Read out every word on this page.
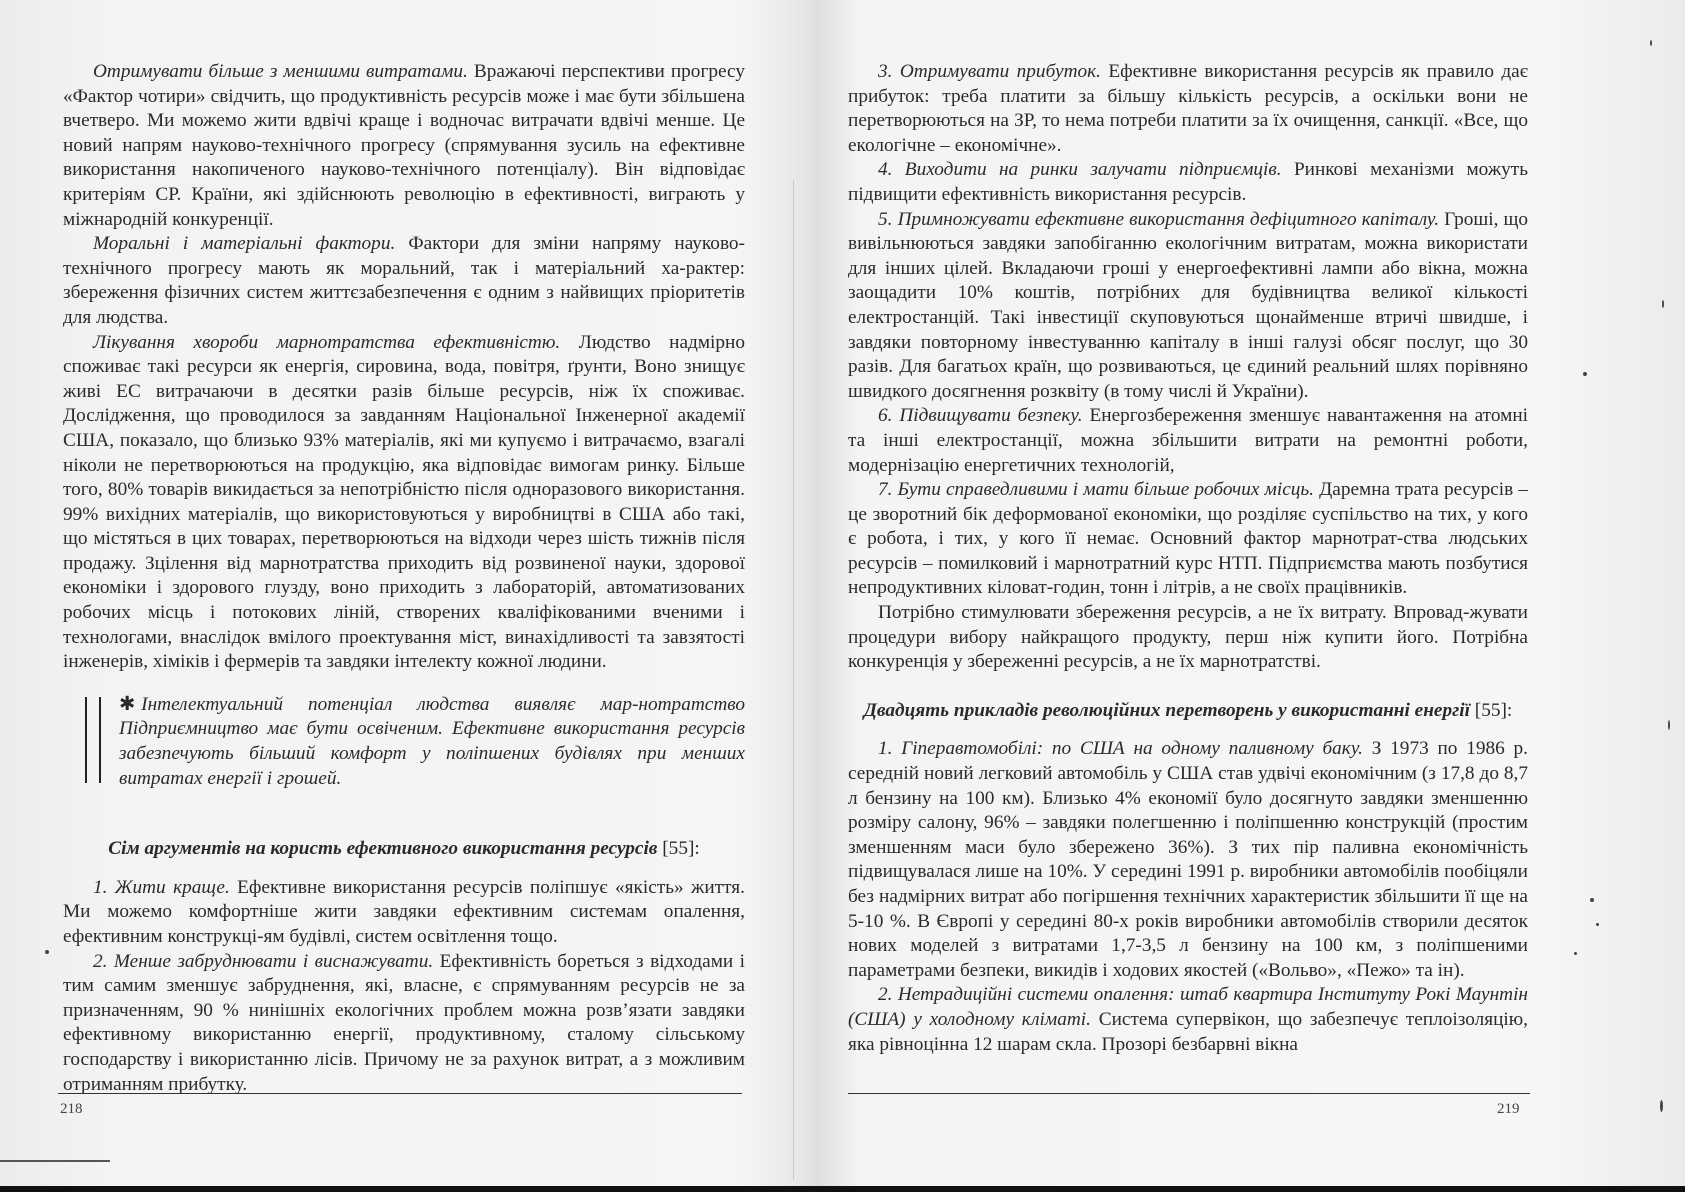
Отримувати більше з меншими витратами. Вражаючі перспективи прогресу «Фактор чотири» свідчить, що продуктивність ресурсів може і має бути збільшена вчетверо. Ми можемо жити вдвічі краще і водночас витрачати вдвічі менше. Це новий напрям науково-технічного прогресу (спрямування зусиль на ефективне використання накопиченого науково-технічного потенціалу). Він відповідає критеріям СР. Країни, які здійснюють революцію в ефективності, виграють у міжнародній конкуренції.

Моральні і матеріальні фактори. Фактори для зміни напряму науково-технічного прогресу мають як моральний, так і матеріальний ха-рактер: збереження фізичних систем життєзабезпечення є одним з найвищих пріоритетів для людства.

Лікування хвороби марнотратства ефективністю. Людство надмірно споживає такі ресурси як енергія, сировина, вода, повітря, ґрунти, Воно знищує живі ЕС витрачаючи в десятки разів більше ресурсів, ніж їх споживає. Дослідження, що проводилося за завданням Національної Інженерної академії США, показало, що близько 93% матеріалів, які ми купуємо і витрачаємо, взагалі ніколи не перетворюються на продукцію, яка відповідає вимогам ринку. Більше того, 80% товарів викидається за непотрібністю після одноразового використання. 99% вихідних матеріалів, що використовуються у виробництві в США або такі, що містяться в цих товарах, перетворюються на відходи через шість тижнів після продажу. Зцілення від марнотратства приходить від розвиненої науки, здорової економіки і здорового глузду, воно приходить з лабораторій, автоматизованих робочих місць і потокових ліній, створених кваліфікованими вченими і технологами, внаслідок вмілого проектування міст, винахідливості та завзятості інженерів, хіміків і фермерів та завдяки інтелекту кожної людини.

✱ Інтелектуальний потенціал людства виявляє мар-нотратство Підприємництво має бути освіченим. Ефективне використання ресурсів забезпечують більший комфорт у поліпшених будівлях при менших витратах енергії і грошей.

Сім аргументів на користь ефективного використання ресурсів [55]:

1. Жити краще. Ефективне використання ресурсів поліпшує «якість» життя. Ми можемо комфортніше жити завдяки ефективним системам опалення, ефективним конструкці-ям будівлі, систем освітлення тощо.

2. Менше забруднювати і виснажувати. Ефективність бореться з відходами і тим самим зменшує забруднення, які, власне, є спрямуванням ресурсів не за призначенням, 90 % нинішніх екологічних проблем можна розв’язати завдяки ефективному використанню енергії, продуктивному, сталому сільському господарству і використанню лісів. Причому не за рахунок витрат, а з можливим отриманням прибутку.

218

3. Отримувати прибуток. Ефективне використання ресурсів як правило дає прибуток: треба платити за більшу кількість ресурсів, а оскільки вони не перетворюються на ЗР, то нема потреби платити за їх очищення, санкції. «Все, що екологічне – економічне».

4. Виходити на ринки залучати підприємців. Ринкові механізми можуть підвищити ефективність використання ресурсів.

5. Примножувати ефективне використання дефіцитного капіталу. Гроші, що вивільнюються завдяки запобіганню екологічним витратам, можна використати для інших цілей. Вкладаючи гроші у енергоефективні лампи або вікна, можна заощадити 10% коштів, потрібних для будівництва великої кількості електростанцій. Такі інвестиції скуповуються щонайменше втричі швидше, і завдяки повторному інвестуванню капіталу в інші галузі обсяг послуг, що 30 разів. Для багатьох країн, що розвиваються, це єдиний реальний шлях порівняно швидкого досягнення розквіту (в тому числі й України).

6. Підвищувати безпеку. Енергозбереження зменшує навантаження на атомні та інші електростанції, можна збільшити витрати на ремонтні роботи, модернізацію енергетичних технологій,

7. Бути справедливими і мати більше робочих місць. Даремна трата ресурсів – це зворотний бік деформованої економіки, що розділяє суспільство на тих, у кого є робота, і тих, у кого її немає. Основний фактор марнотрат-ства людських ресурсів – помилковий і марнотратний курс НТП. Підприємства мають позбутися непродуктивних кіловат-годин, тонн і літрів, а не своїх працівників.

Потрібно стимулювати збереження ресурсів, а не їх витрату. Впровад-жувати процедури вибору найкращого продукту, перш ніж купити його. Потрібна конкуренція у збереженні ресурсів, а не їх марнотратстві.

Двадцять прикладів революційних перетворень у використанні енергії [55]:

1. Гіперавтомобілі: по США на одному паливному баку. З 1973 по 1986 р. середній новий легковий автомобіль у США став удвічі економічним (з 17,8 до 8,7 л бензину на 100 км). Близько 4% економії було досягнуто завдяки зменшенню розміру салону, 96% – завдяки полегшенню і поліпшенню конструкцій (простим зменшенням маси було збережено 36%). З тих пір паливна економічність підвищувалася лише на 10%. У середині 1991 р. виробники автомобілів пообіцяли без надмірних витрат або погіршення технічних характеристик збільшити її ще на 5-10 %. В Європі у середині 80-х років виробники автомобілів створили десяток нових моделей з витратами 1,7-3,5 л бензину на 100 км, з поліпшеними параметрами безпеки, викидів і ходових якостей («Вольво», «Пежо» та ін).

2. Нетрадиційні системи опалення: штаб квартира Інституту Рокі Маунтін (США) у холодному кліматі. Система супервікон, що забезпечує теплоізоляцію, яка рівноцінна 12 шарам скла. Прозорі безбарвні вікна

219
